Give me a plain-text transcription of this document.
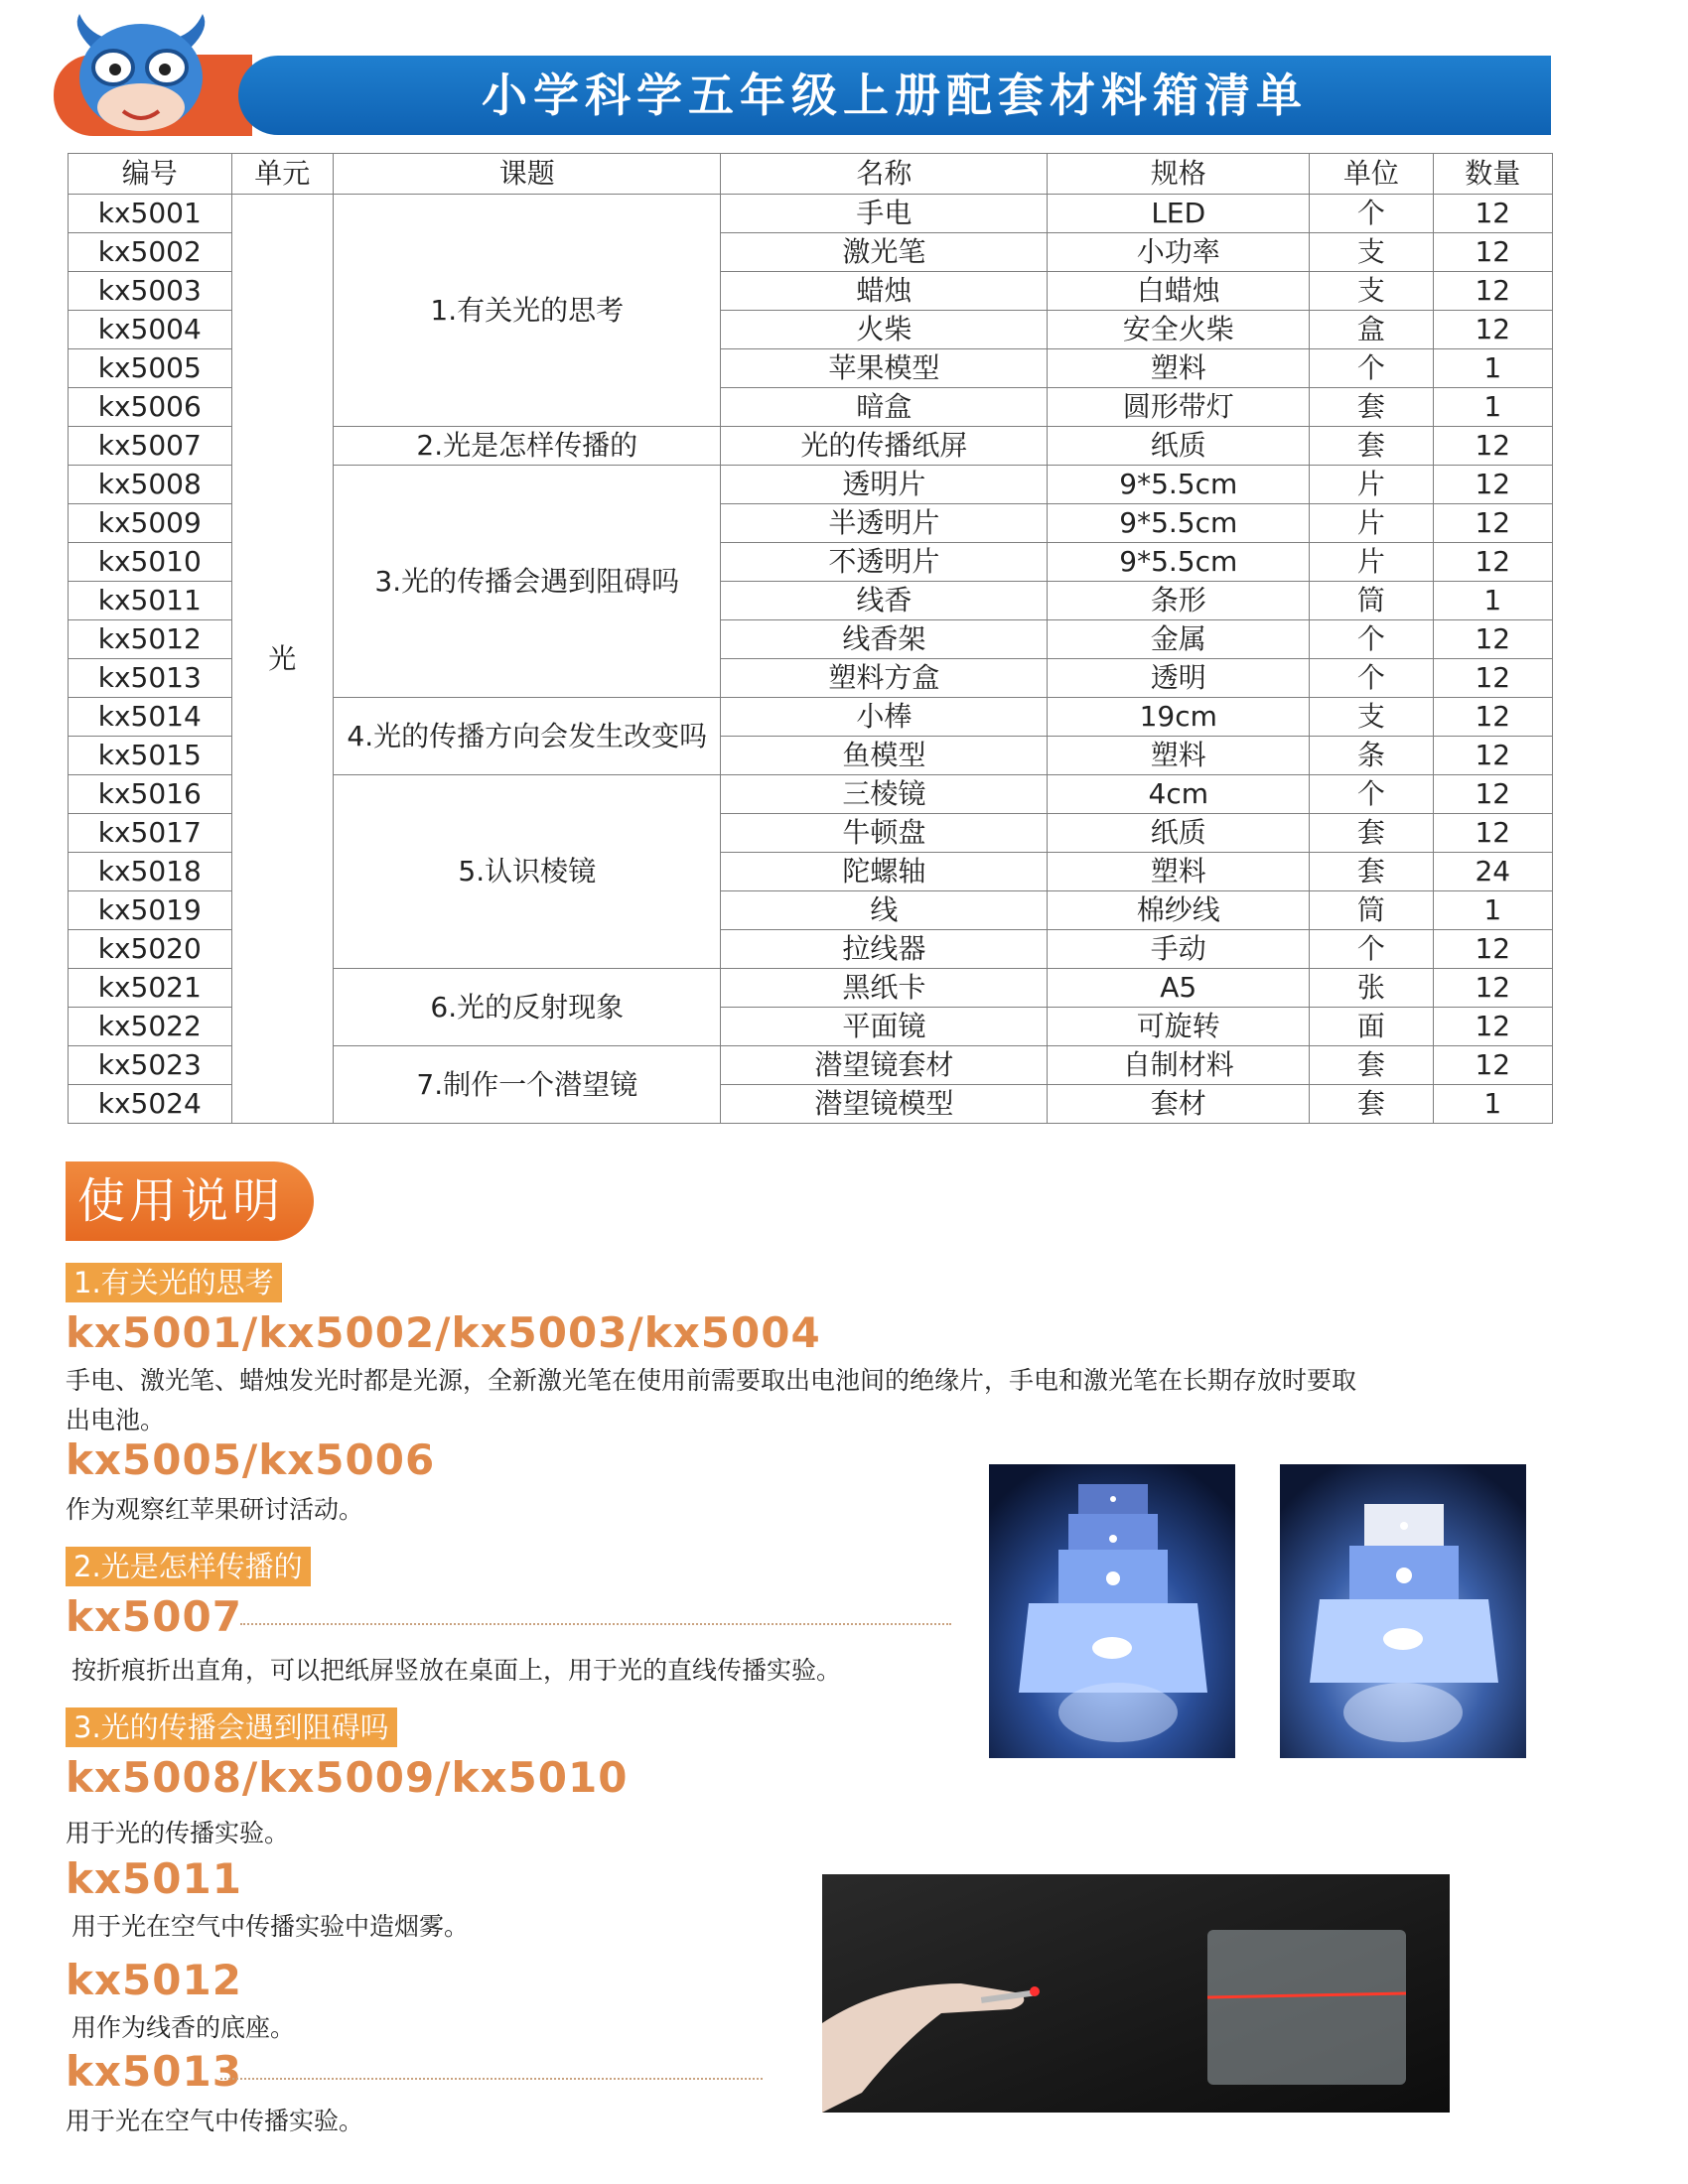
小学科学五年级上册配套材料箱清单
编号	单元	课题	名称	规格	单位	数量
kx5001	光	1.有关光的思考	手电	LED	个	12
kx5002			激光笔	小功率	支	12
kx5003			蜡烛	白蜡烛	支	12
kx5004			火柴	安全火柴	盒	12
kx5005			苹果模型	塑料	个	1
kx5006			暗盒	圆形带灯	套	1
kx5007		2.光是怎样传播的	光的传播纸屏	纸质	套	12
kx5008		3.光的传播会遇到阻碍吗	透明片	9*5.5cm	片	12
kx5009			半透明片	9*5.5cm	片	12
kx5010			不透明片	9*5.5cm	片	12
kx5011			线香	条形	筒	1
kx5012			线香架	金属	个	12
kx5013			塑料方盒	透明	个	12
kx5014		4.光的传播方向会发生改变吗	小棒	19cm	支	12
kx5015			鱼模型	塑料	条	12
kx5016		5.认识棱镜	三棱镜	4cm	个	12
kx5017			牛顿盘	纸质	套	12
kx5018			陀螺轴	塑料	套	24
kx5019			线	棉纱线	筒	1
kx5020			拉线器	手动	个	12
kx5021		6.光的反射现象	黑纸卡	A5	张	12
kx5022			平面镜	可旋转	面	12
kx5023		7.制作一个潜望镜	潜望镜套材	自制材料	套	12
kx5024			潜望镜模型	套材	套	1
使用说明
1.有关光的思考
kx5001/kx5002/kx5003/kx5004
手电、激光笔、蜡烛发光时都是光源，全新激光笔在使用前需要取出电池间的绝缘片，手电和激光笔在长期存放时要取
出电池。
kx5005/kx5006
作为观察红苹果研讨活动。
2.光是怎样传播的
kx5007
按折痕折出直角，可以把纸屏竖放在桌面上，用于光的直线传播实验。
3.光的传播会遇到阻碍吗
kx5008/kx5009/kx5010
用于光的传播实验。
kx5011
用于光在空气中传播实验中造烟雾。
kx5012
用作为线香的底座。
kx5013
用于光在空气中传播实验。
